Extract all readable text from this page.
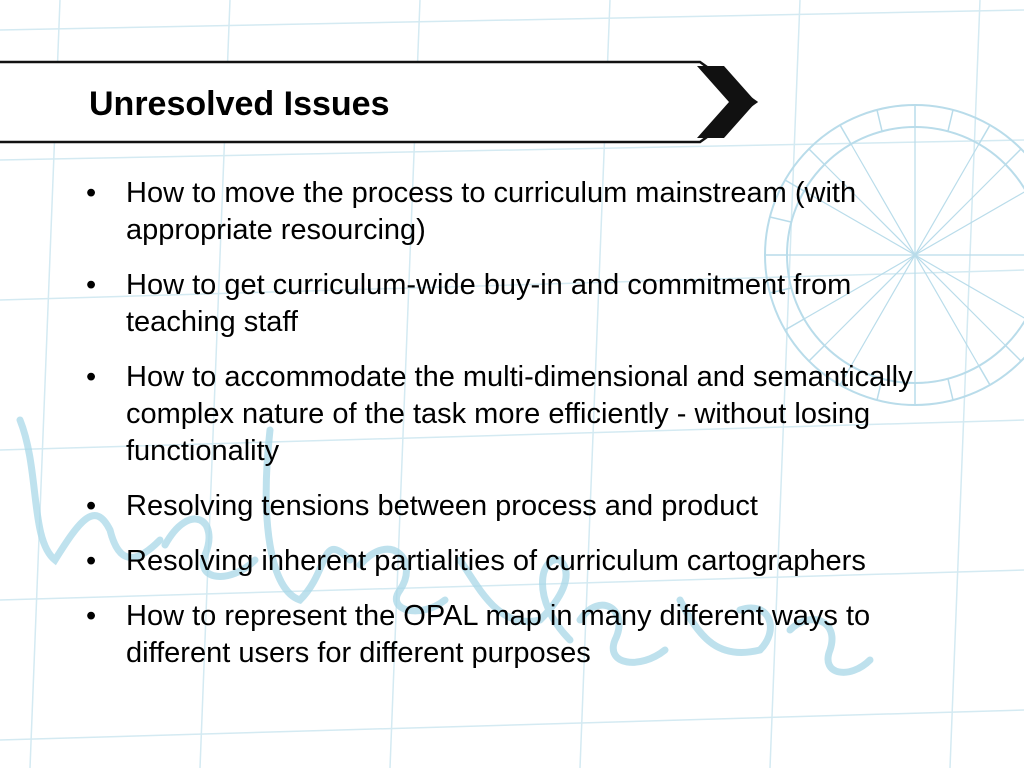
Unresolved Issues
• How to move the process to curriculum mainstream (with appropriate resourcing)
• How to get curriculum-wide buy-in and commitment from teaching staff
• How to accommodate the multi-dimensional and semantically complex nature of the task more efficiently - without losing functionality
• Resolving tensions between process and product
• Resolving inherent partialities of curriculum cartographers
• How to represent the OPAL map in many different ways to different users for different purposes
